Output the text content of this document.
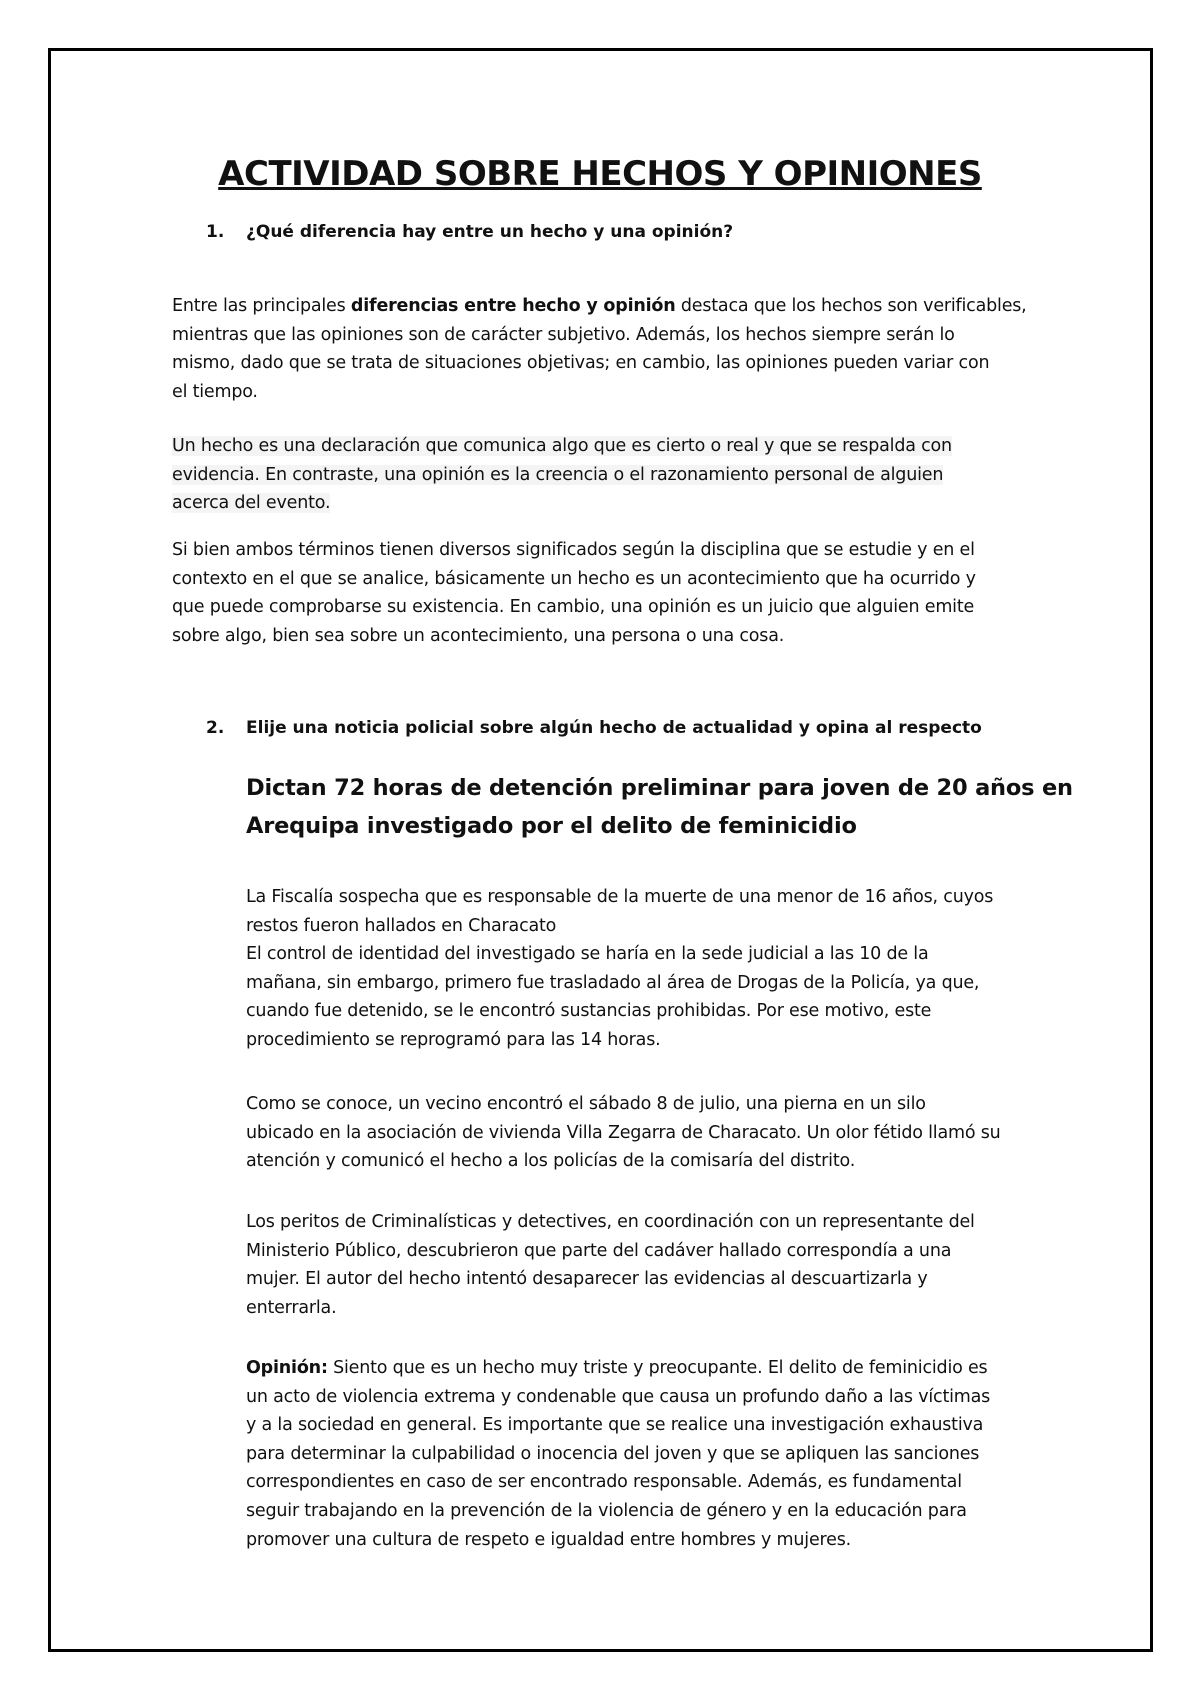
ACTIVIDAD SOBRE HECHOS Y OPINIONES
1. ¿Qué diferencia hay entre un hecho y una opinión?
Entre las principales diferencias entre hecho y opinión destaca que los hechos son verificables,
mientras que las opiniones son de carácter subjetivo. Además, los hechos siempre serán lo
mismo, dado que se trata de situaciones objetivas; en cambio, las opiniones pueden variar con
el tiempo.
Un hecho es una declaración que comunica algo que es cierto o real y que se respalda con
evidencia. En contraste, una opinión es la creencia o el razonamiento personal de alguien
acerca del evento.
Si bien ambos términos tienen diversos significados según la disciplina que se estudie y en el
contexto en el que se analice, básicamente un hecho es un acontecimiento que ha ocurrido y
que puede comprobarse su existencia. En cambio, una opinión es un juicio que alguien emite
sobre algo, bien sea sobre un acontecimiento, una persona o una cosa.
2. Elije una noticia policial sobre algún hecho de actualidad y opina al respecto
Dictan 72 horas de detención preliminar para joven de 20 años en
Arequipa investigado por el delito de feminicidio
La Fiscalía sospecha que es responsable de la muerte de una menor de 16 años, cuyos
restos fueron hallados en Characato
El control de identidad del investigado se haría en la sede judicial a las 10 de la
mañana, sin embargo, primero fue trasladado al área de Drogas de la Policía, ya que,
cuando fue detenido, se le encontró sustancias prohibidas. Por ese motivo, este
procedimiento se reprogramó para las 14 horas.
Como se conoce, un vecino encontró el sábado 8 de julio, una pierna en un silo
ubicado en la asociación de vivienda Villa Zegarra de Characato. Un olor fétido llamó su
atención y comunicó el hecho a los policías de la comisaría del distrito.
Los peritos de Criminalísticas y detectives, en coordinación con un representante del
Ministerio Público, descubrieron que parte del cadáver hallado correspondía a una
mujer. El autor del hecho intentó desaparecer las evidencias al descuartizarla y
enterrarla.
Opinión: Siento que es un hecho muy triste y preocupante. El delito de feminicidio es
un acto de violencia extrema y condenable que causa un profundo daño a las víctimas
y a la sociedad en general. Es importante que se realice una investigación exhaustiva
para determinar la culpabilidad o inocencia del joven y que se apliquen las sanciones
correspondientes en caso de ser encontrado responsable. Además, es fundamental
seguir trabajando en la prevención de la violencia de género y en la educación para
promover una cultura de respeto e igualdad entre hombres y mujeres.
